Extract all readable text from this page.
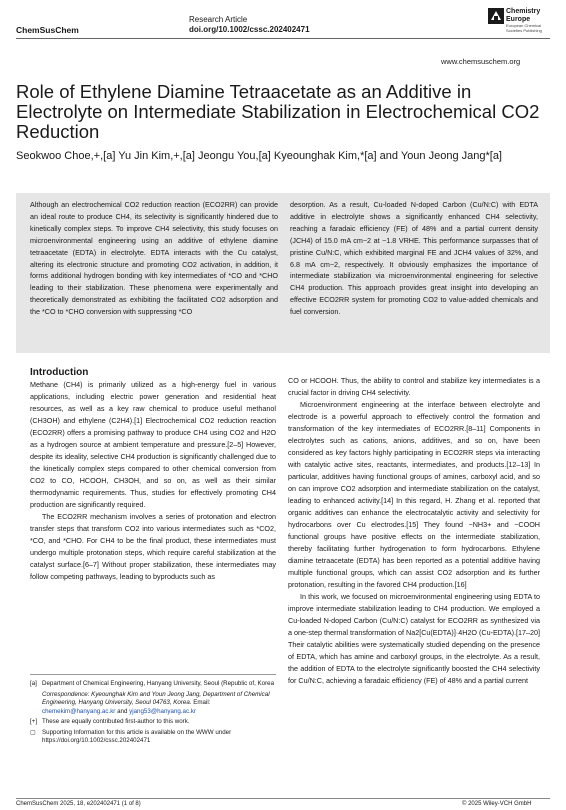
ChemSusChem
Research Article
doi.org/10.1002/cssc.202402471
Chemistry
Europe
European Chemical Societies Publishing
www.chemsuschem.org
Role of Ethylene Diamine Tetraacetate as an Additive in Electrolyte on Intermediate Stabilization in Electrochemical CO2 Reduction
Seokwoo Choe,+,[a] Yu Jin Kim,+,[a] Jeongu You,[a] Kyeounghak Kim,*[a] and Youn Jeong Jang*[a]
Although an electrochemical CO2 reduction reaction (ECO2RR) can provide an ideal route to produce CH4, its selectivity is significantly hindered due to kinetically complex steps. To improve CH4 selectivity, this study focuses on microenvironmental engineering using an additive of ethylene diamine tetraacetate (EDTA) in electrolyte. EDTA interacts with the Cu catalyst, altering its electronic structure and promoting CO2 activation, in addition, it forms additional hydrogen bonding with key intermediates of *CO and *CHO leading to their stabilization. These phenomena were experimentally and theoretically demonstrated as exhibiting the facilitated CO2 adsorption and the *CO to *CHO conversion with suppressing *CO
desorption. As a result, Cu-loaded N-doped Carbon (Cu/N:C) with EDTA additive in electrolyte shows a significantly enhanced CH4 selectivity, reaching a faradaic efficiency (FE) of 48% and a partial current density (JCH4) of 15.0 mA cm−2 at −1.8 VRHE. This performance surpasses that of pristine Cu/N:C, which exhibited marginal FE and JCH4 values of 32%, and 6.8 mA cm−2, respectively. It obviously emphasizes the importance of intermediate stabilization via microenvironmental engineering for selective CH4 production. This approach provides great insight into developing an effective ECO2RR system for promoting CO2 to value-added chemicals and fuel conversion.
Introduction

Methane (CH4) is primarily utilized as a high-energy fuel in various applications, including electric power generation and residential heat resources, as well as a key raw chemical to produce useful methanol (CH3OH) and ethylene (C2H4).[1] Electrochemical CO2 reduction reaction (ECO2RR) offers a promising pathway to produce CH4 using CO2 and H2O as a hydrogen source at ambient temperature and pressure.[2–5] However, despite its ideality, selective CH4 production is significantly challenged due to the kinetically complex steps compared to other chemical conversion from CO2 to CO, HCOOH, CH3OH, and so on, as well as their similar thermodynamic requirements. Thus, studies for effectively promoting CH4 production are significantly required.

The ECO2RR mechanism involves a series of protonation and electron transfer steps that transform CO2 into various intermediates such as *CO2, *CO, and *CHO. For CH4 to be the final product, these intermediates must undergo multiple protonation steps, which require careful stabilization at the catalyst surface.[6–7] Without proper stabilization, these intermediates may follow competing pathways, leading to byproducts such as

CO or HCOOH. Thus, the ability to control and stabilize key intermediates is a crucial factor in driving CH4 selectivity.

Microenvironment engineering at the interface between electrolyte and electrode is a powerful approach to effectively control the formation and transformation of the key intermediates of ECO2RR.[8–11] Components in electrolytes such as cations, anions, additives, and so on, have been considered as key factors highly participating in ECO2RR steps via interacting with catalytic active sites, reactants, intermediates, and products.[12–13] In particular, additives having functional groups of amines, carboxyl acid, and so on can improve CO2 adsorption and intermediate stabilization on the catalyst, leading to enhanced activity.[14] In this regard, H. Zhang et al. reported that organic additives can enhance the electrocatalytic activity and selectivity for hydrocarbons over Cu electrodes.[15] They found −NH3+ and −COOH functional groups have positive effects on the intermediate stabilization, thereby facilitating further hydrogenation to form hydrocarbons. Ethylene diamine tetraacetate (EDTA) has been reported as a potential additive having multiple functional groups, which can assist CO2 adsorption and its further protonation, resulting in the favored CH4 production.[16]

In this work, we focused on microenvironmental engineering using EDTA to improve intermediate stabilization leading to CH4 production. We employed a Cu-loaded N-doped Carbon (Cu/N:C) catalyst for ECO2RR as synthesized via a one-step thermal transformation of Na2[Cu(EDTA)]·4H2O (Cu-EDTA).[17–20] Their catalytic abilities were systematically studied depending on the presence of EDTA, which has amine and carboxyl groups, in the electrolyte. As a result, the addition of EDTA to the electrolyte significantly boosted the CH4 selectivity for Cu/N:C, achieving a faradaic efficiency (FE) of 48% and a partial current

[a] Department of Chemical Engineering, Hanyang University, Seoul (Republic of, Korea
Correspondence: Kyeounghak Kim and Youn Jeong Jang, Department of Chemical Engineering, Hanyang University, Seoul 04763, Korea. Email: chemekim@hanyang.ac.kr and yjang53@hanyang.ac.kr
[+] These are equally contributed first-author to this work.
▢ Supporting Information for this article is available on the WWW under https://doi.org/10.1002/cssc.202402471
ChemSusChem 2025, 18, e202402471 (1 of 8)	© 2025 Wiley-VCH GmbH
